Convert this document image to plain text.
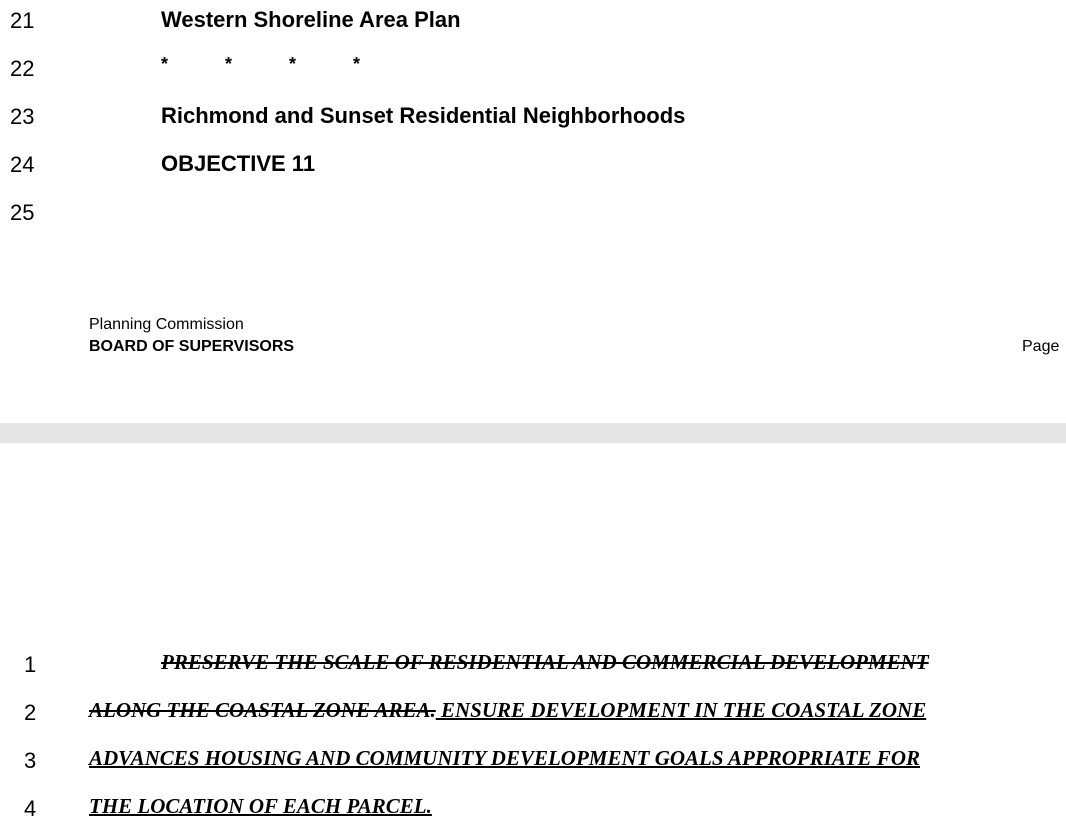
21
22
23
24
25
Western Shoreline Area Plan
*   *   *   *
Richmond and Sunset Residential Neighborhoods
OBJECTIVE 11
Planning Commission
BOARD OF SUPERVISORS	Page
1
2
3
4
PRESERVE THE SCALE OF RESIDENTIAL AND COMMERCIAL DEVELOPMENT
ALONG THE COASTAL ZONE AREA. ENSURE DEVELOPMENT IN THE COASTAL ZONE
ADVANCES HOUSING AND COMMUNITY DEVELOPMENT GOALS APPROPRIATE FOR
THE LOCATION OF EACH PARCEL.
